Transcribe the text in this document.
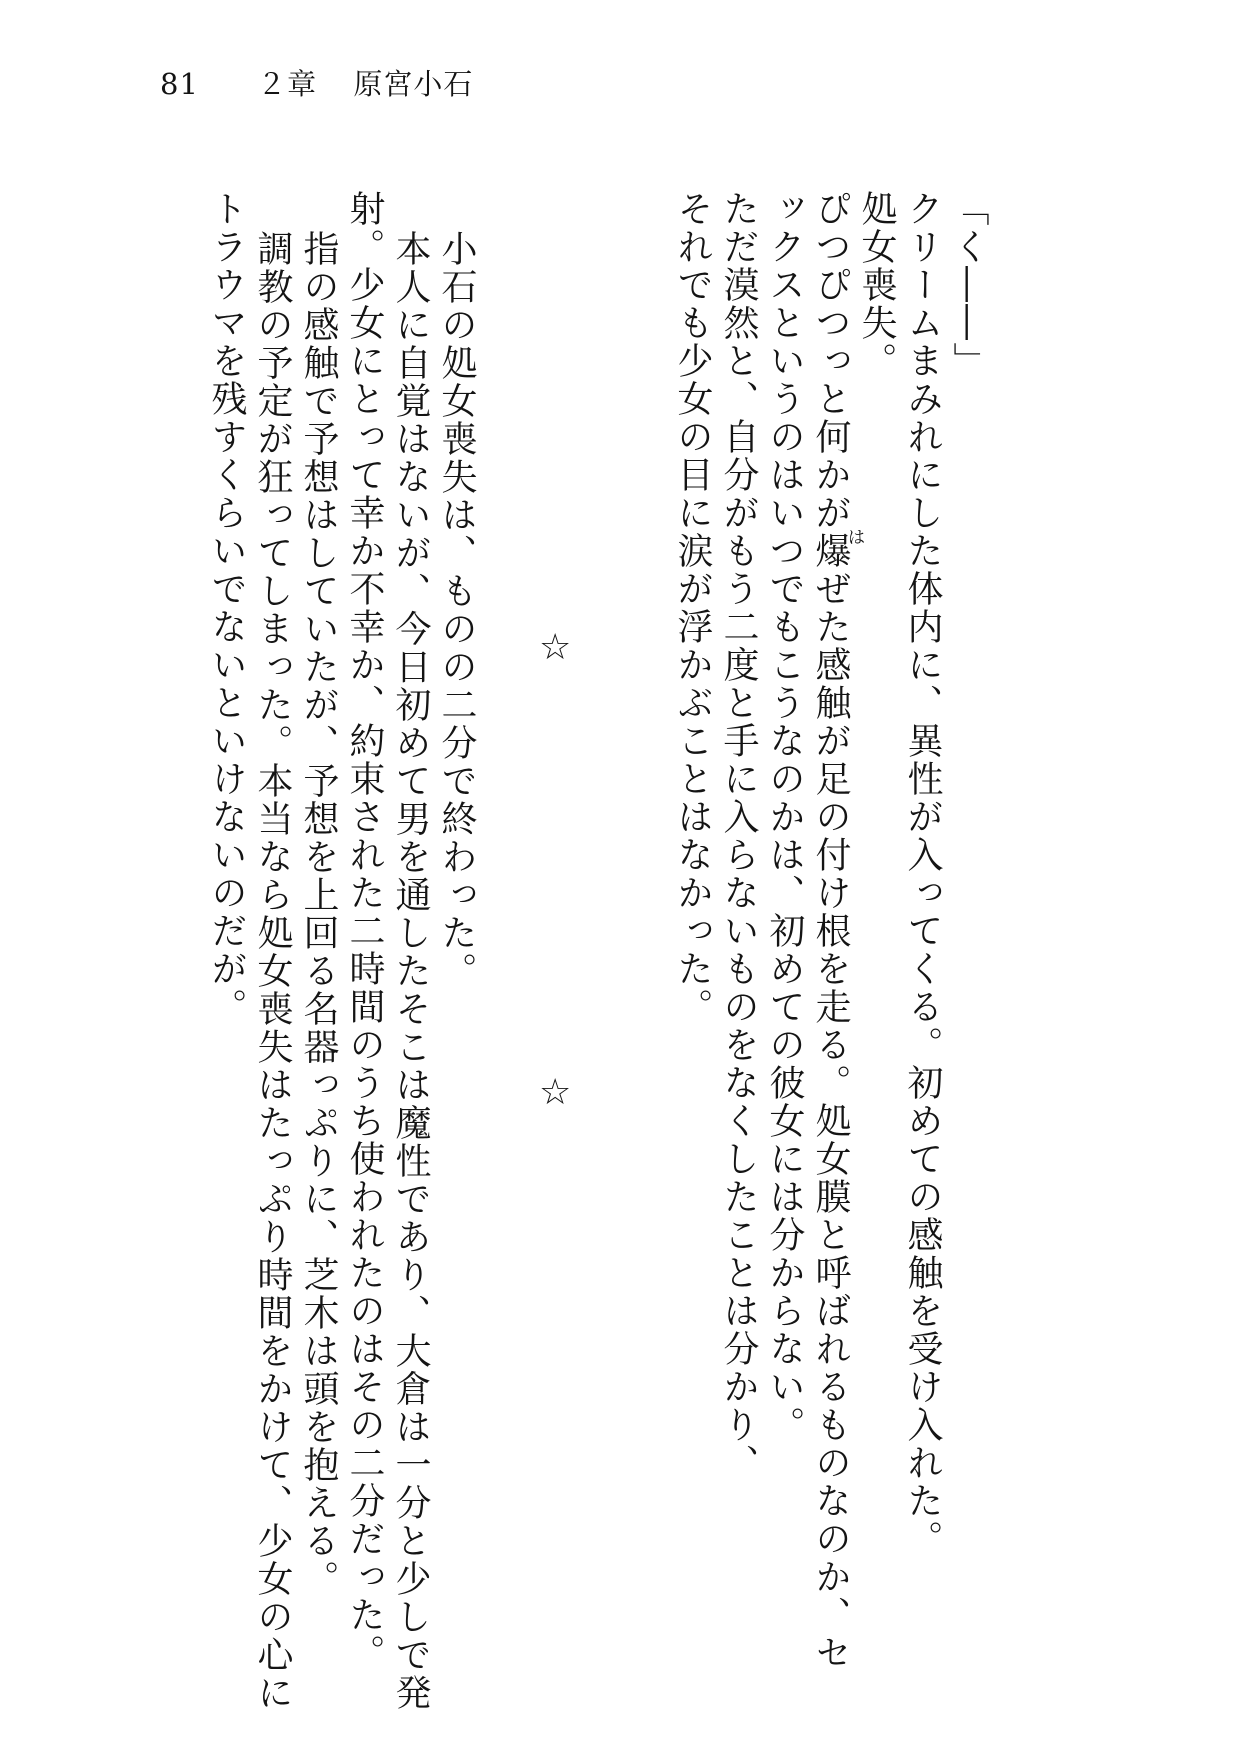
81 ２章 原宮小石
「く――」
クリームまみれにした体内に、異性が入ってくる。初めての感触を受け入れた。
処女喪失。
ぴつぴつっと何かが爆ぜた感触が足の付け根を走る。処女膜と呼ばれるものなのか、セ
ックスというのはいつでもこうなのかは、初めての彼女には分からない。
ただ漠然と、自分がもう二度と手に入らないものをなくしたことは分かり、
それでも少女の目に涙が浮かぶことはなかった。	は
☆
☆
小石の処女喪失は、ものの二分で終わった。
本人に自覚はないが、今日初めて男を通したそこは魔性であり、大倉は一分と少しで発
射。少女にとって幸か不幸か、約束された二時間のうち使われたのはその二分だった。
指の感触で予想はしていたが、予想を上回る名器っぷりに、芝木は頭を抱える。
調教の予定が狂ってしまった。本当なら処女喪失はたっぷり時間をかけて、少女の心に
トラウマを残すくらいでないといけないのだが。
